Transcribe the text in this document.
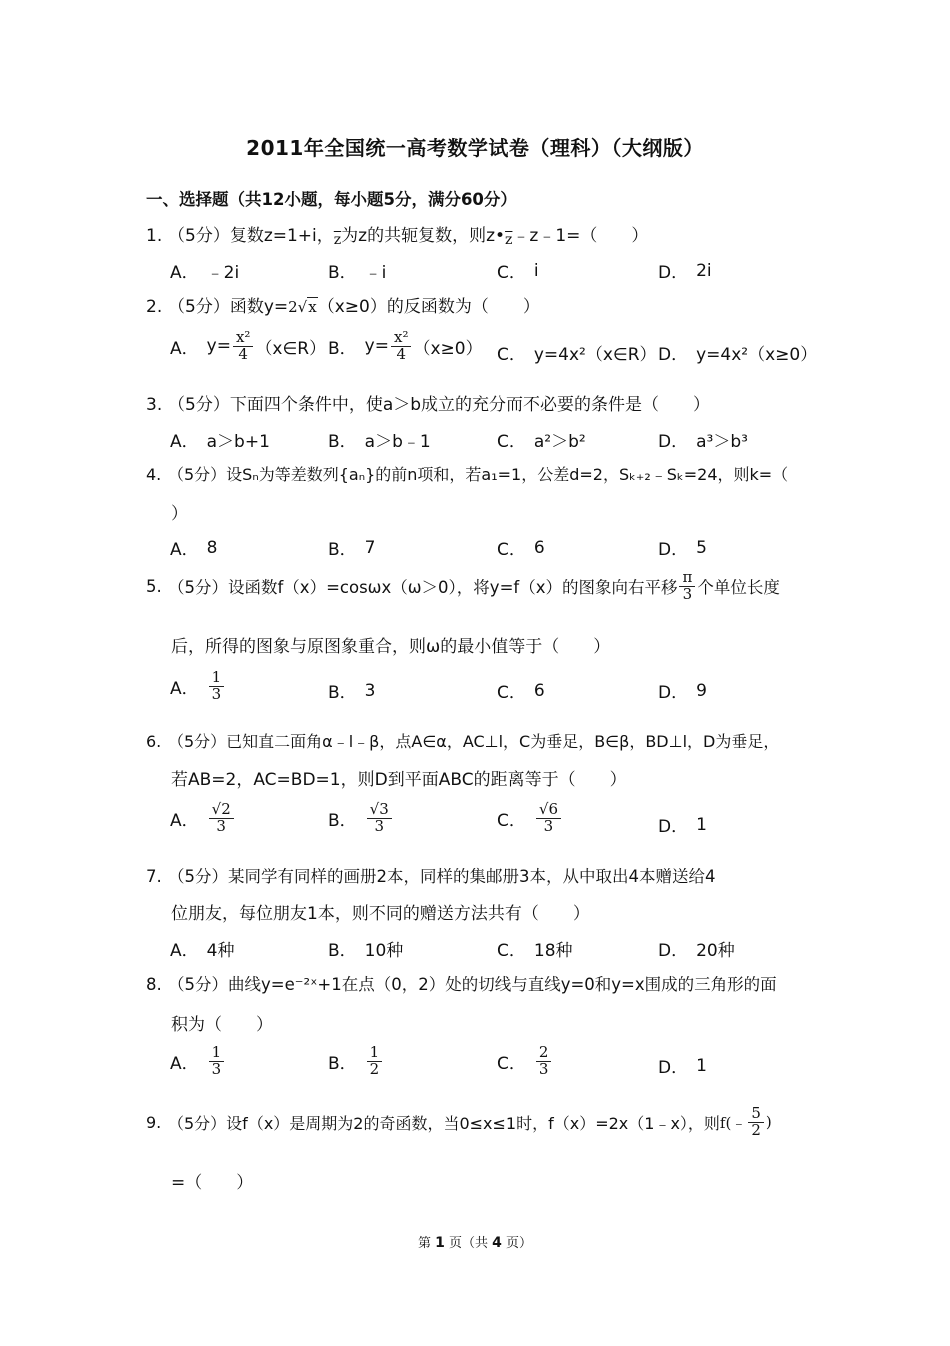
2011年全国统一高考数学试卷（理科）（大纲版）
一、选择题（共12小题，每小题5分，满分60分）
1. （5分）复数z=1+i，$\overline{z}$为z的共轭复数，则$z•\overline{z}﹣z﹣1=$（　　）
A． ﹣2i	B． ﹣i	C． i	D． 2i
2. （5分）函数y=2√x（x≥0）的反函数为（　　）
A． $y= \frac{\text{x²}}{4}$ （x∈R） B． $y= \frac{\text{x²}}{4} (x\ge 0)$ C． y=4x²（x∈R） D． y=4x²（x≥0）
3. （5分）下面四个条件中，使a＞b成立的充分而不必要的条件是（　　）
A． a＞b+1	B． a＞b﹣1	C． a²＞b²	D． a³＞b³
4. （5分）设Sₙ为等差数列{aₙ}的前n项和，若a₁=1，公差d=2，Sₖ₊₂﹣Sₖ=24，则k=（
）
A． 8	B． 7	C． 6	D． 5
5. （5分）设函数f（x）=cosωx（ω＞0），将y=f（x）的图象向右平移 $\frac{\pi}{3}$ 个单位长度
后，所得的图象与原图象重合，则ω的最小值等于（　　）
A． $\frac{1}{3}$	B． 3	C． 6	D． 9
6. （5分）已知直二面角α﹣l﹣β，点A∈α，AC⊥l，C为垂足，B∈β，BD⊥l，D为垂足，
若AB=2，AC=BD=1，则D到平面ABC的距离等于（　　）
A． $\frac{√2}{3}$	B． $\frac{√3}{3}$	C． $\frac{√6}{3}$	D． 1
7. （5分）某同学有同样的画册2本，同样的集邮册3本，从中取出4本赠送给4
位朋友，每位朋友1本，则不同的赠送方法共有（　　）
A． 4种	B． 10种	C． 18种	D． 20种
8. （5分）曲线y=e⁻²ˣ+1在点（0，2）处的切线与直线y=0和y=x围成的三角形的面
积为（　　）
A． $\frac{1}{3}$	B． $\frac{1}{2}$	C． $\frac{2}{3}$	D． 1
9. （5分）设f（x）是周期为2的奇函数，当0≤x≤1时，f（x）=2x（1﹣x），则 f(﹣ $\frac{5}{2}$ )
=（　　）
第 1 页（共 4 页）
